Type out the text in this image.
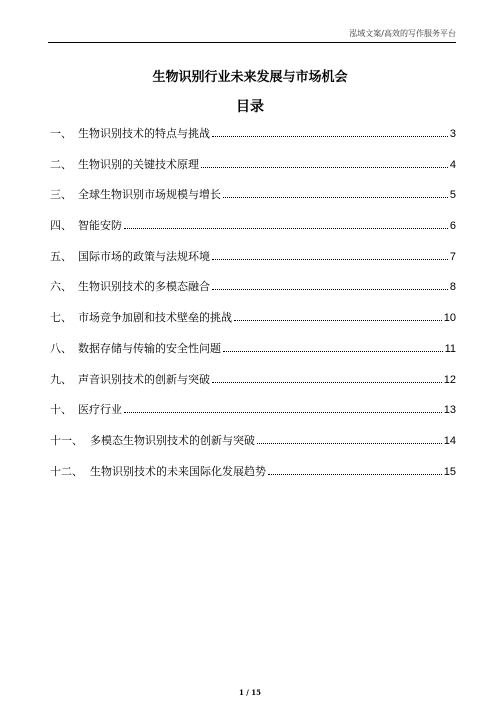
泓域文案/高效的写作服务平台
生物识别行业未来发展与市场机会
目录
一、 生物识别技术的特点与挑战	3
二、 生物识别的关键技术原理	4
三、 全球生物识别市场规模与增长	5
四、 智能安防	6
五、 国际市场的政策与法规环境	7
六、 生物识别技术的多模态融合	8
七、 市场竞争加剧和技术壁垒的挑战	10
八、 数据存储与传输的安全性问题	11
九、 声音识别技术的创新与突破	12
十、 医疗行业	13
十一、 多模态生物识别技术的创新与突破	14
十二、 生物识别技术的未来国际化发展趋势	15
1 / 15
